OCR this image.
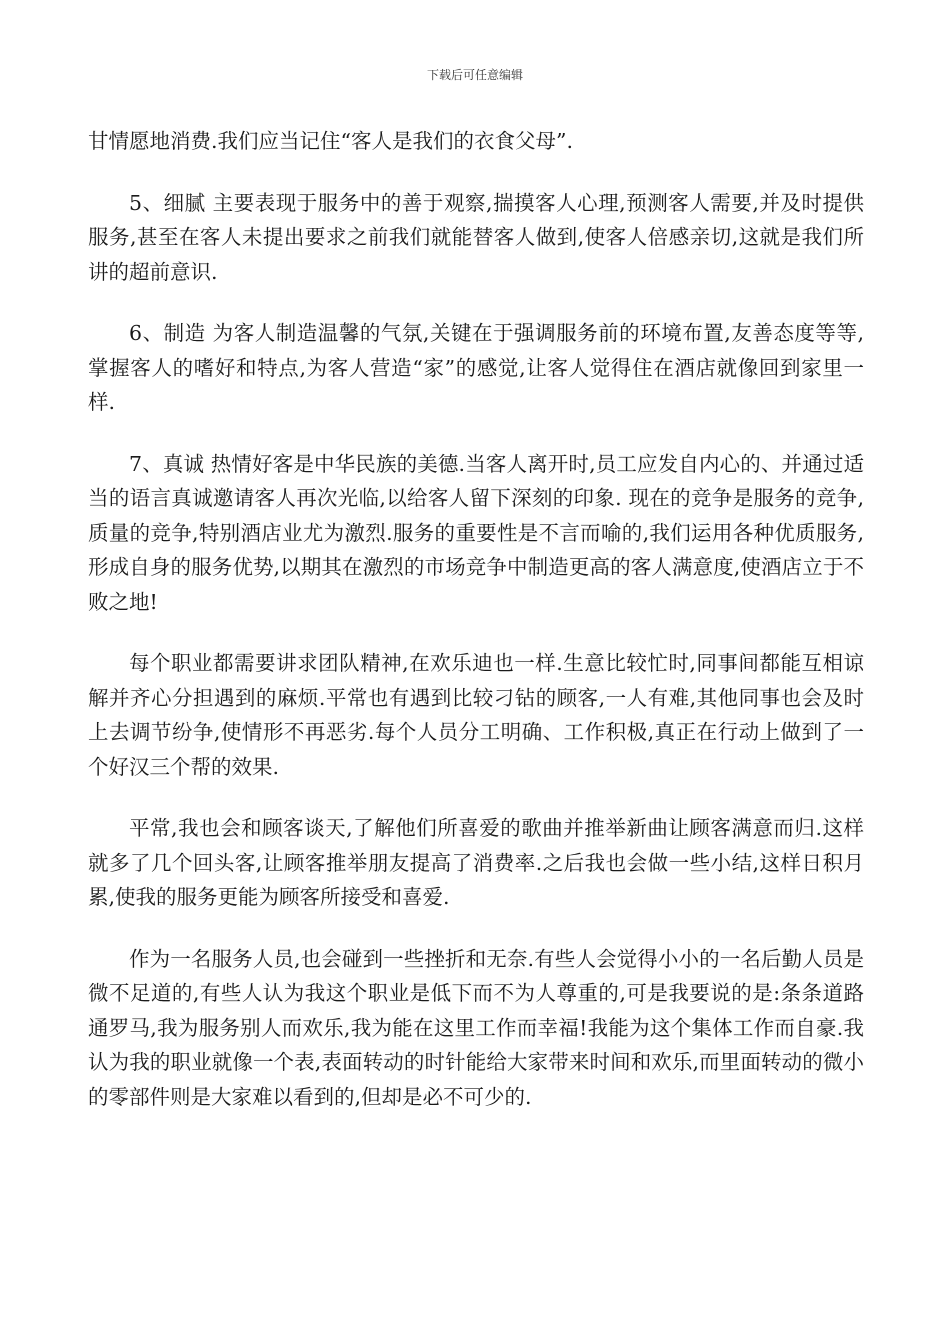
下载后可任意编辑

甘情愿地消费.我们应当记住“客人是我们的衣食父母”.

5、细腻 主要表现于服务中的善于观察,揣摸客人心理,预测客人需要,并及时提供服务,甚至在客人未提出要求之前我们就能替客人做到,使客人倍感亲切,这就是我们所讲的超前意识.

6、制造 为客人制造温馨的气氛,关键在于强调服务前的环境布置,友善态度等等,掌握客人的嗜好和特点,为客人营造“家”的感觉,让客人觉得住在酒店就像回到家里一样.

7、真诚 热情好客是中华民族的美德.当客人离开时,员工应发自内心的、并通过适当的语言真诚邀请客人再次光临,以给客人留下深刻的印象. 现在的竞争是服务的竞争,质量的竞争,特别酒店业尤为激烈.服务的重要性是不言而喻的,我们运用各种优质服务,形成自身的服务优势,以期其在激烈的市场竞争中制造更高的客人满意度,使酒店立于不败之地!

每个职业都需要讲求团队精神,在欢乐迪也一样.生意比较忙时,同事间都能互相谅解并齐心分担遇到的麻烦.平常也有遇到比较刁钻的顾客,一人有难,其他同事也会及时上去调节纷争,使情形不再恶劣.每个人员分工明确、工作积极,真正在行动上做到了一个好汉三个帮的效果.

平常,我也会和顾客谈天,了解他们所喜爱的歌曲并推举新曲让顾客满意而归.这样就多了几个回头客,让顾客推举朋友提高了消费率.之后我也会做一些小结,这样日积月累,使我的服务更能为顾客所接受和喜爱.

作为一名服务人员,也会碰到一些挫折和无奈.有些人会觉得小小的一名后勤人员是微不足道的,有些人认为我这个职业是低下而不为人尊重的,可是我要说的是:条条道路通罗马,我为服务别人而欢乐,我为能在这里工作而幸福!我能为这个集体工作而自豪.我认为我的职业就像一个表,表面转动的时针能给大家带来时间和欢乐,而里面转动的微小的零部件则是大家难以看到的,但却是必不可少的.
